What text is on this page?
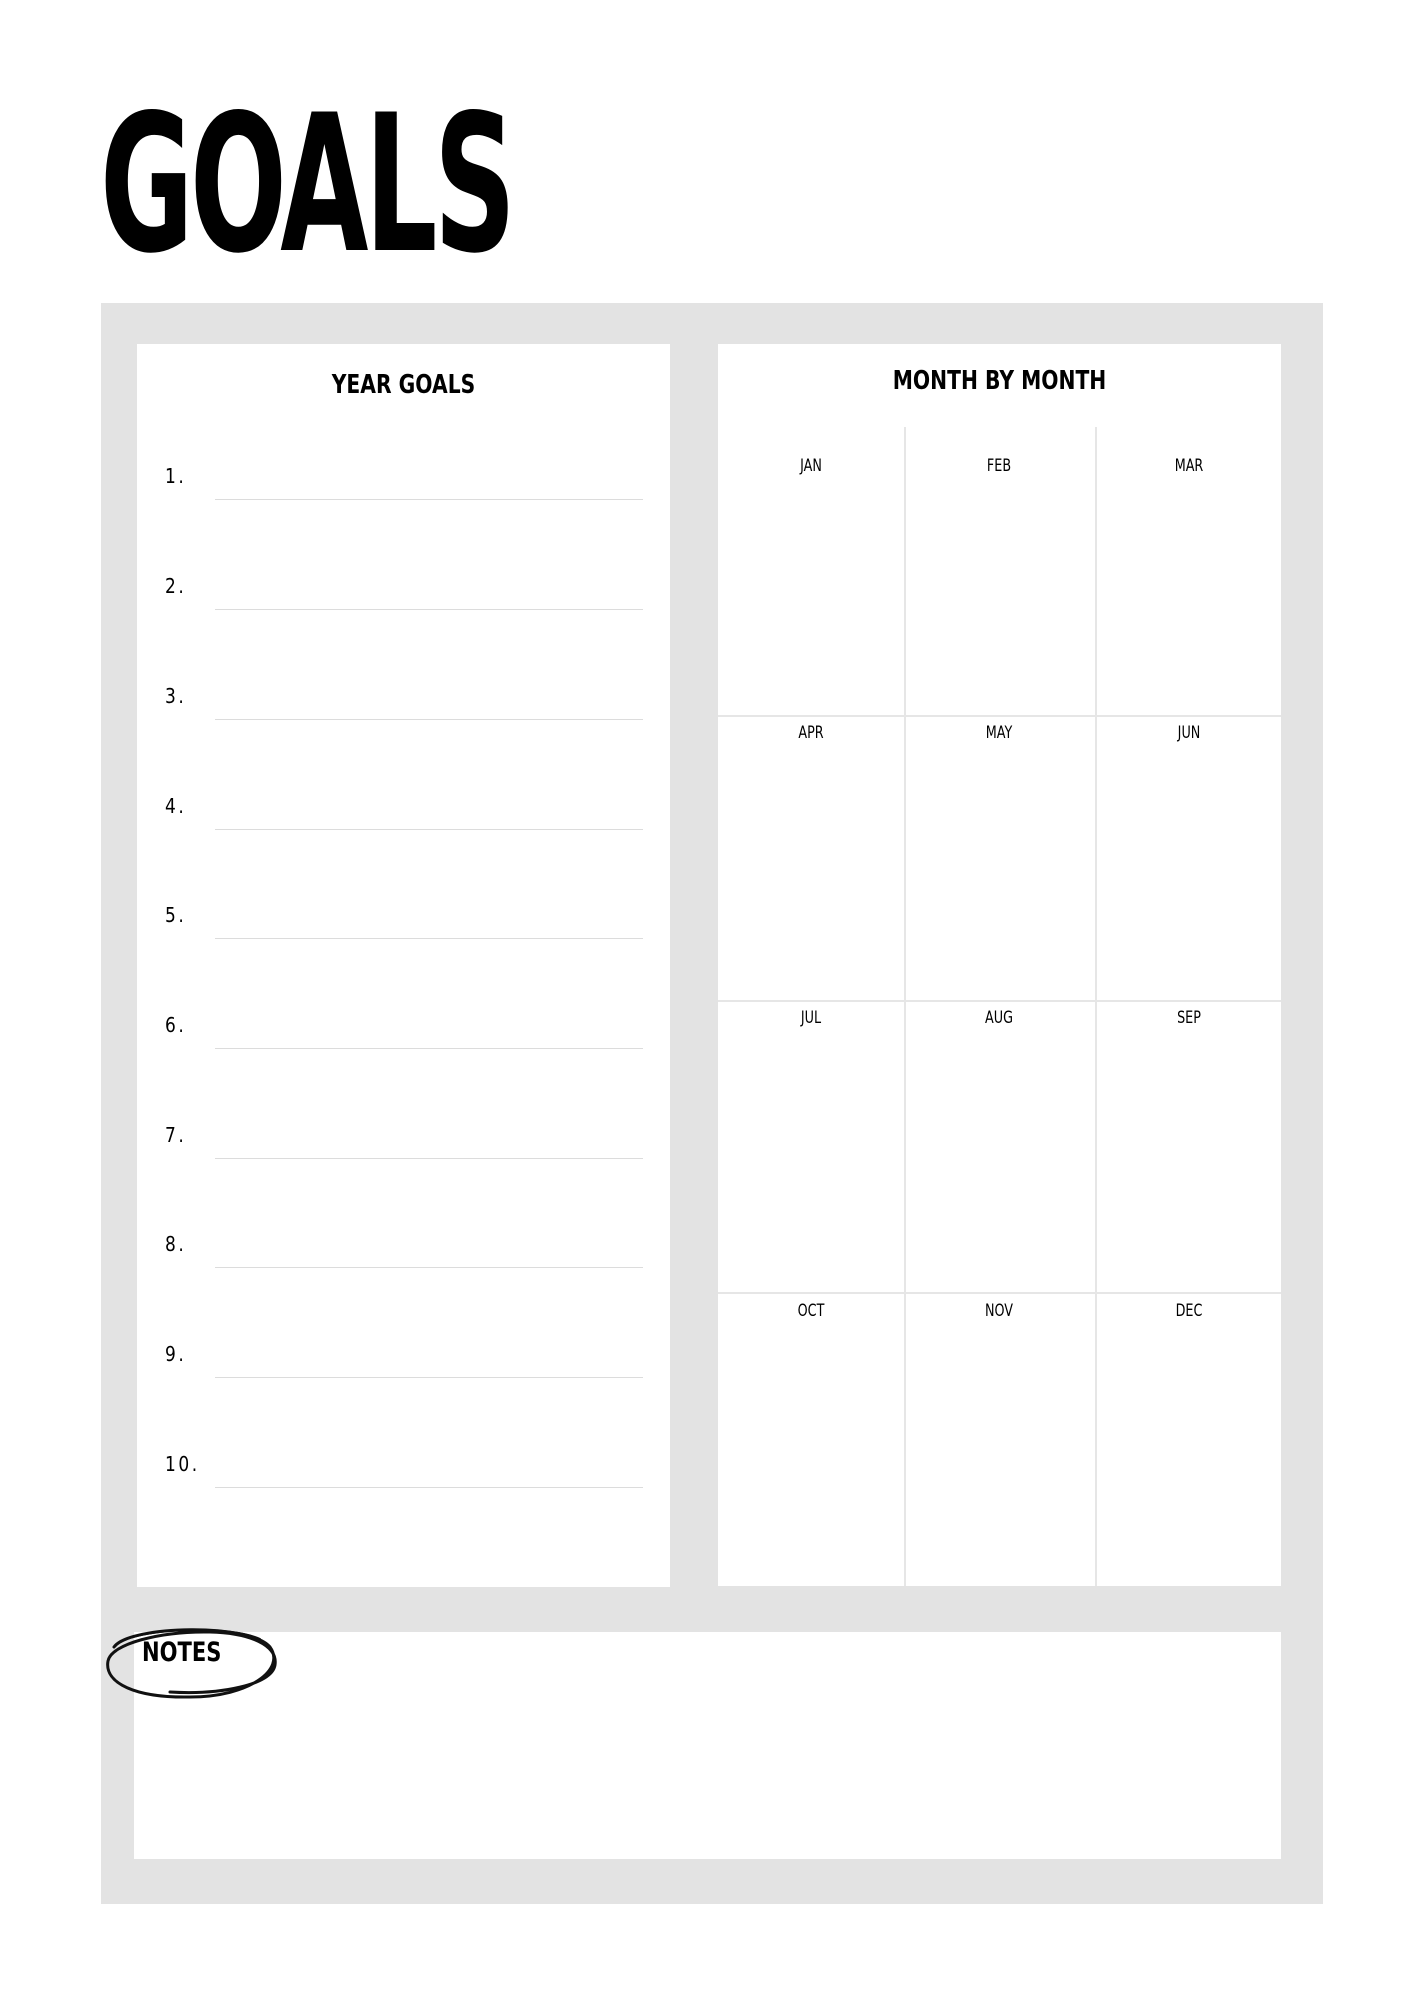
GOALS
YEAR GOALS
1.
2.
3.
4.
5.
6.
7.
8.
9.
10.
MONTH BY MONTH
JAN	FEB	MAR
APR	MAY	JUN
JUL	AUG	SEP
OCT	NOV	DEC
NOTES
